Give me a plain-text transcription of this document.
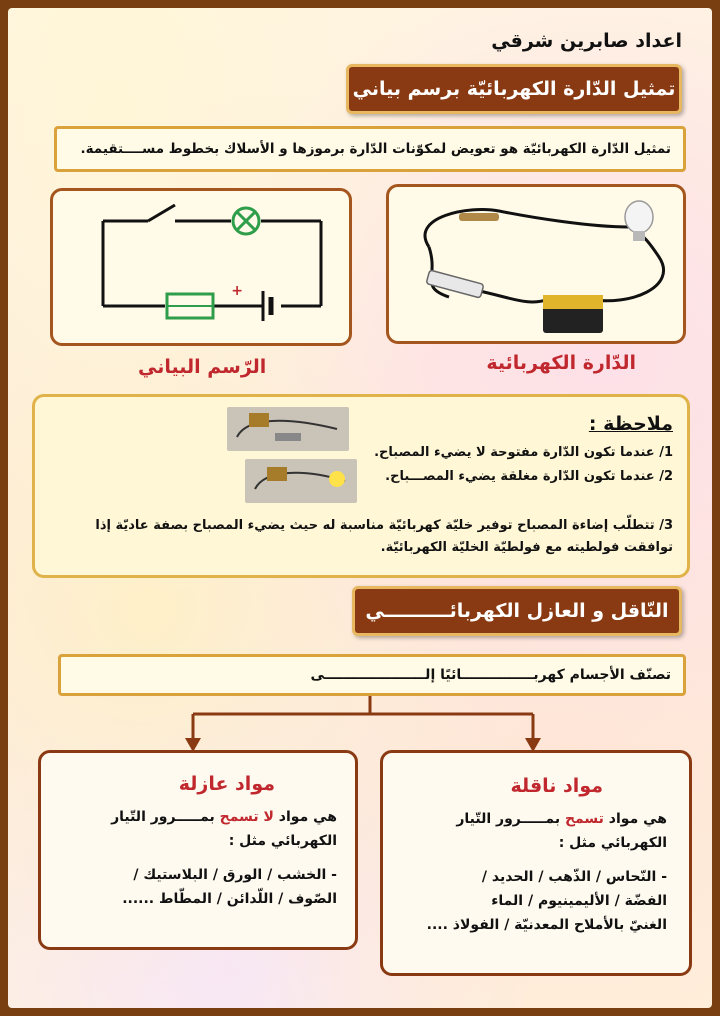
اعداد صابرين شرقي
تمثيل الدّارة الكهربائيّة برسم بياني
تمثيل الدّارة الكهربائيّة هو تعويض لمكوّنات الدّارة برموزها و الأسلاك بخطوط مســــتقيمة.
+
الرّسم البياني	الدّارة الكهربائية
ملاحظة :
1/ عندما تكون الدّارة مفتوحة لا يضيء المصباح.
2/ عندما تكون الدّارة مغلقة يضيء المصـــباح.
3/ تتطلّب إضاءة المصباح توفير خليّة كهربائيّة مناسبة له حيث يضيء المصباح بصفة عاديّة إذا
توافقت فولطيته مع فولطيّة الخليّة الكهربائيّة.
النّاقل و العازل الكهربائــــــــــي
تصنّف الأجسام كهربـــــــــــــــائيًا إلـــــــــــــــــــــى
مواد عازلة
هي مواد لا تسمح بمـــــرور التّيار
الكهربائي مثل :
- الخشب / الورق / البلاستيك /
الصّوف / اللّدائن / المطّاط ......
مواد ناقلة
هي مواد تسمح بمـــــرور التّيار
الكهربائي مثل :
- النّحاس / الذّهب / الحديد /
الفضّة / الأليمينيوم / الماء
الغنيّ بالأملاح المعدنيّة / الفولاذ ....
